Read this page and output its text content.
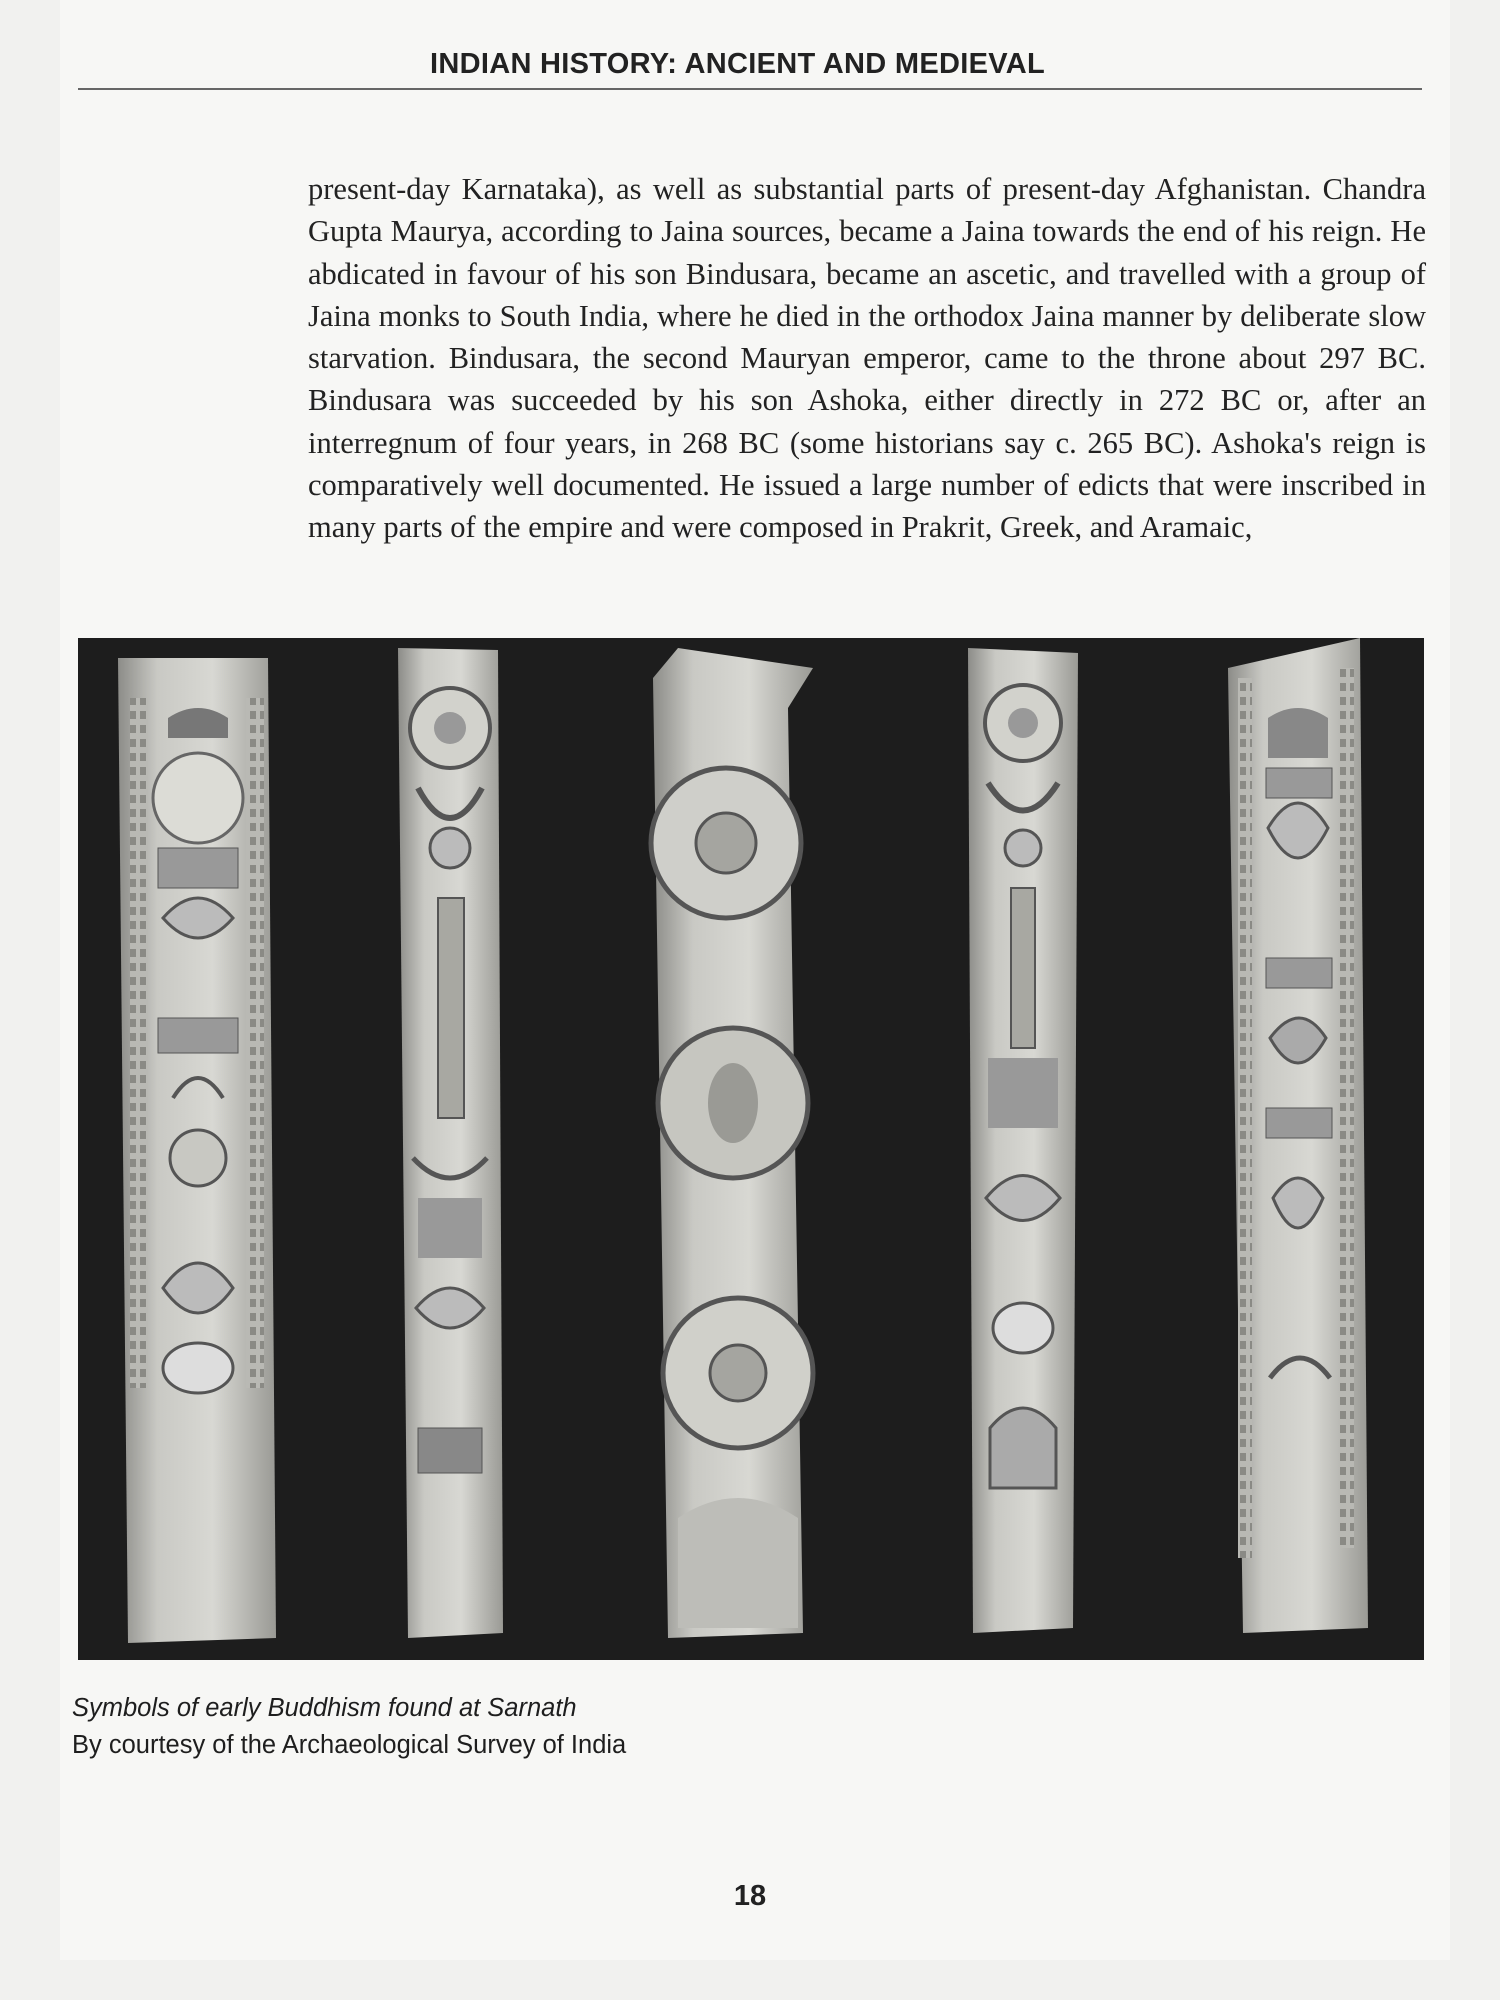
INDIAN HISTORY: ANCIENT AND MEDIEVAL

present-day Karnataka), as well as substantial parts of present-day Afghanistan. Chandra Gupta Maurya, according to Jaina sources, became a Jaina towards the end of his reign. He abdicated in favour of his son Bindusara, became an ascetic, and travelled with a group of Jaina monks to South India, where he died in the orthodox Jaina manner by deliberate slow starvation. Bindusara, the second Mauryan emperor, came to the throne about 297 BC. Bindusara was succeeded by his son Ashoka, either directly in 272 BC or, after an interregnum of four years, in 268 BC (some historians say c. 265 BC). Ashoka's reign is comparatively well documented. He issued a large number of edicts that were inscribed in many parts of the empire and were composed in Prakrit, Greek, and Aramaic,

Symbols of early Buddhism found at Sarnath
By courtesy of the Archaeological Survey of India
18
